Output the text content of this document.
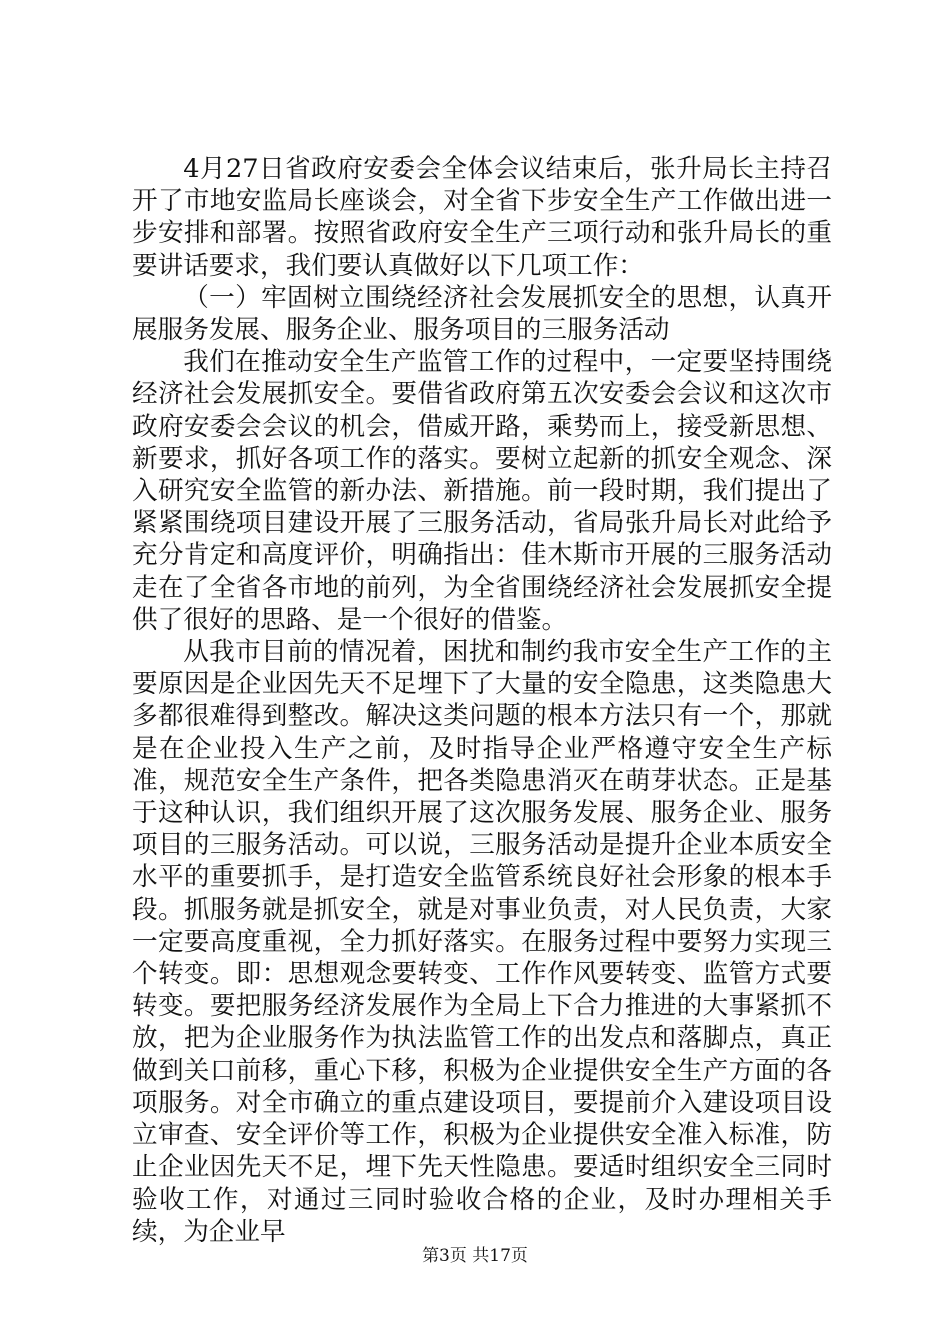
4月27日省政府安委会全体会议结束后，张升局长主持召开了市地安监局长座谈会，对全省下步安全生产工作做出进一步安排和部署。按照省政府安全生产三项行动和张升局长的重要讲话要求，我们要认真做好以下几项工作：

（一）牢固树立围绕经济社会发展抓安全的思想，认真开展服务发展、服务企业、服务项目的三服务活动

我们在推动安全生产监管工作的过程中，一定要坚持围绕经济社会发展抓安全。要借省政府第五次安委会会议和这次市政府安委会会议的机会，借威开路，乘势而上，接受新思想、新要求，抓好各项工作的落实。要树立起新的抓安全观念、深入研究安全监管的新办法、新措施。前一段时期，我们提出了紧紧围绕项目建设开展了三服务活动，省局张升局长对此给予充分肯定和高度评价，明确指出：佳木斯市开展的三服务活动走在了全省各市地的前列，为全省围绕经济社会发展抓安全提供了很好的思路、是一个很好的借鉴。

从我市目前的情况着，困扰和制约我市安全生产工作的主要原因是企业因先天不足埋下了大量的安全隐患，这类隐患大多都很难得到整改。解决这类问题的根本方法只有一个，那就是在企业投入生产之前，及时指导企业严格遵守安全生产标准，规范安全生产条件，把各类隐患消灭在萌芽状态。正是基于这种认识，我们组织开展了这次服务发展、服务企业、服务项目的三服务活动。可以说，三服务活动是提升企业本质安全水平的重要抓手，是打造安全监管系统良好社会形象的根本手段。抓服务就是抓安全，就是对事业负责，对人民负责，大家一定要高度重视，全力抓好落实。在服务过程中要努力实现三个转变。即：思想观念要转变、工作作风要转变、监管方式要转变。要把服务经济发展作为全局上下合力推进的大事紧抓不放，把为企业服务作为执法监管工作的出发点和落脚点，真正做到关口前移，重心下移，积极为企业提供安全生产方面的各项服务。对全市确立的重点建设项目，要提前介入建设项目设立审查、安全评价等工作，积极为企业提供安全准入标准，防止企业因先天不足，埋下先天性隐患。要适时组织安全三同时验收工作，对通过三同时验收合格的企业，及时办理相关手续，为企业早

第3页 共17页
